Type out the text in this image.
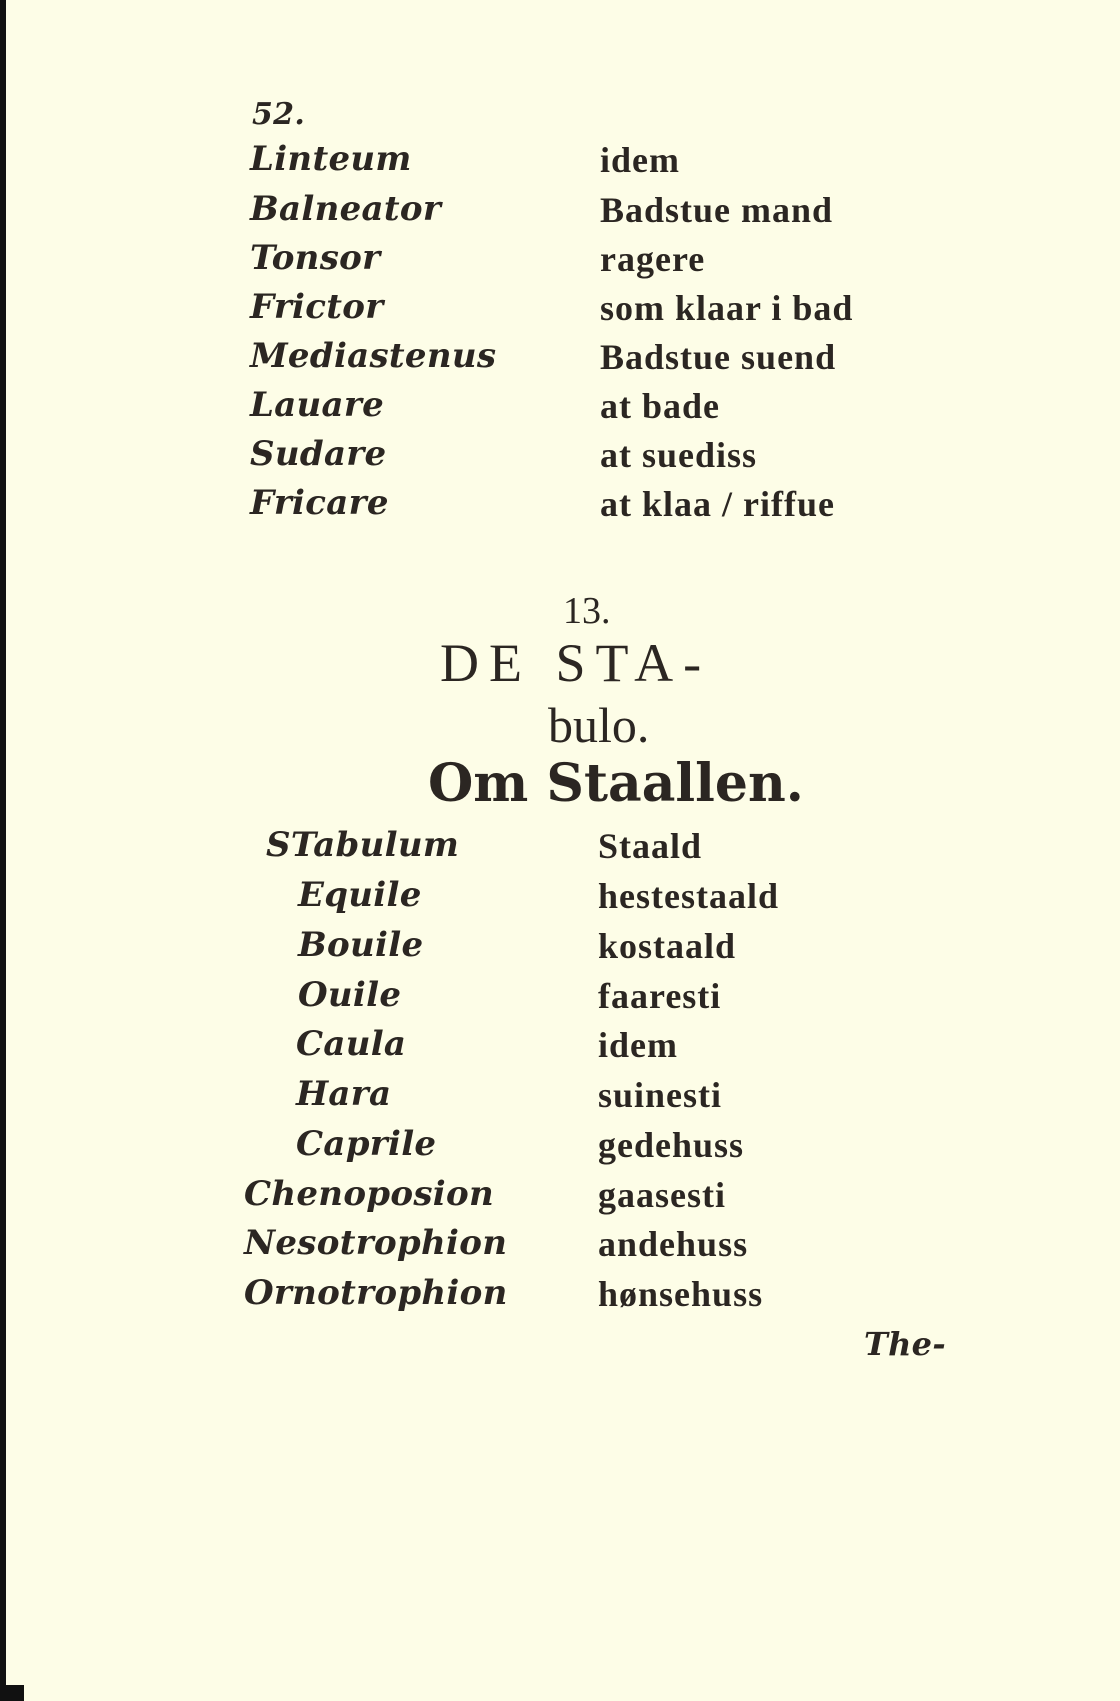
52.
Linteum	idem
Balneator	Badstue mand
Tonsor	ragere
Frictor	som klaar i bad
Mediastenus	Badstue suend
Lauare	at bade
Sudare	at suediss
Fricare	at klaa / riffue
13.
DE STA-
bulo.
Om Staallen.
STabulum	Staald
Equile	hestestaald
Bouile	kostaald
Ouile	faaresti
Caula	idem
Hara	suinesti
Caprile	gedehuss
Chenoposion	gaasesti
Nesotrophion	andehuss
Ornotrophion	hønsehuss
The-
